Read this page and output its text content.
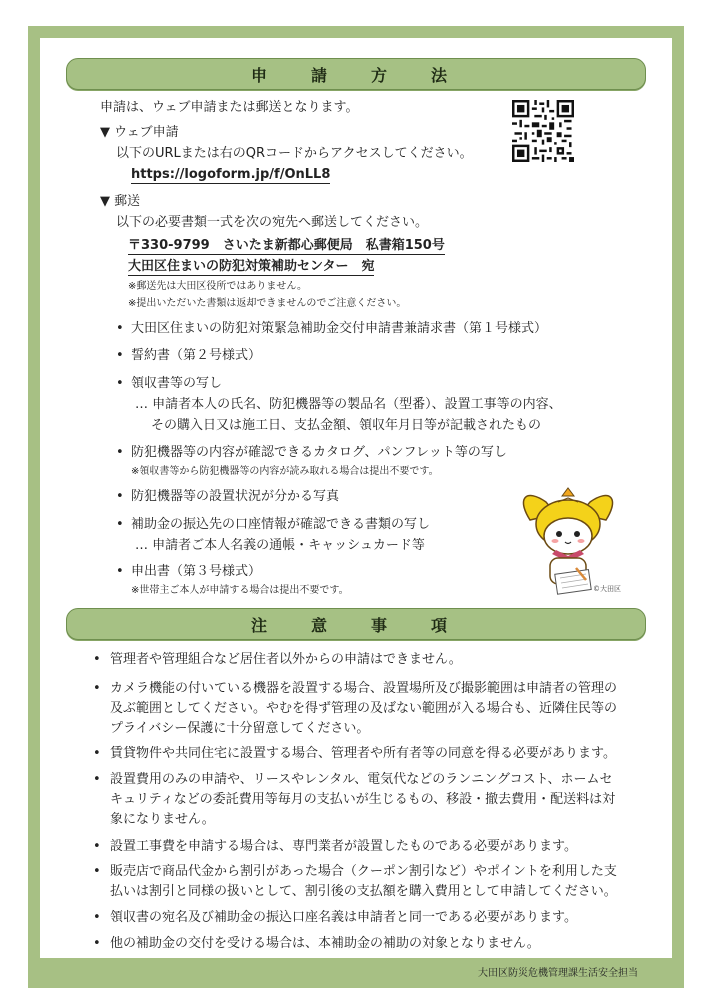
申　請　方　法
申請は、ウェブ申請または郵送となります。
▼ ウェブ申請
以下のURLまたは右のQRコードからアクセスしてください。
https://logoform.jp/f/OnLL8
▼ 郵送
以下の必要書類一式を次の宛先へ郵送してください。
〒330-9799　さいたま新都心郵便局　私書箱150号
大田区住まいの防犯対策補助センター　宛
※郵送先は大田区役所ではありません。
※提出いただいた書類は返却できませんのでご注意ください。
• 大田区住まいの防犯対策緊急補助金交付申請書兼請求書（第１号様式）
• 誓約書（第２号様式）
• 領収書等の写し
… 申請者本人の氏名、防犯機器等の製品名（型番）、設置工事等の内容、
その購入日又は施工日、支払金額、領収年月日等が記載されたもの
• 防犯機器等の内容が確認できるカタログ、パンフレット等の写し
※領収書等から防犯機器等の内容が読み取れる場合は提出不要です。
• 防犯機器等の設置状況が分かる写真
• 補助金の振込先の口座情報が確認できる書類の写し
… 申請者ご本人名義の通帳・キャッシュカード等
• 申出書（第３号様式）
※世帯主ご本人が申請する場合は提出不要です。	©大田区
注　意　事　項
• 管理者や管理組合など居住者以外からの申請はできません。
• カメラ機能の付いている機器を設置する場合、設置場所及び撮影範囲は申請者の管理の
及ぶ範囲としてください。やむを得ず管理の及ばない範囲が入る場合も、近隣住民等の
プライバシー保護に十分留意してください。
• 賃貸物件や共同住宅に設置する場合、管理者や所有者等の同意を得る必要があります。
• 設置費用のみの申請や、リースやレンタル、電気代などのランニングコスト、ホームセ
キュリティなどの委託費用等毎月の支払いが生じるもの、移設・撤去費用・配送料は対
象になりません。
• 設置工事費を申請する場合は、専門業者が設置したものである必要があります。
• 販売店で商品代金から割引があった場合（クーポン割引など）やポイントを利用した支
払いは割引と同様の扱いとして、割引後の支払額を購入費用として申請してください。
• 領収書の宛名及び補助金の振込口座名義は申請者と同一である必要があります。
• 他の補助金の交付を受ける場合は、本補助金の補助の対象となりません。
大田区防災危機管理課生活安全担当
